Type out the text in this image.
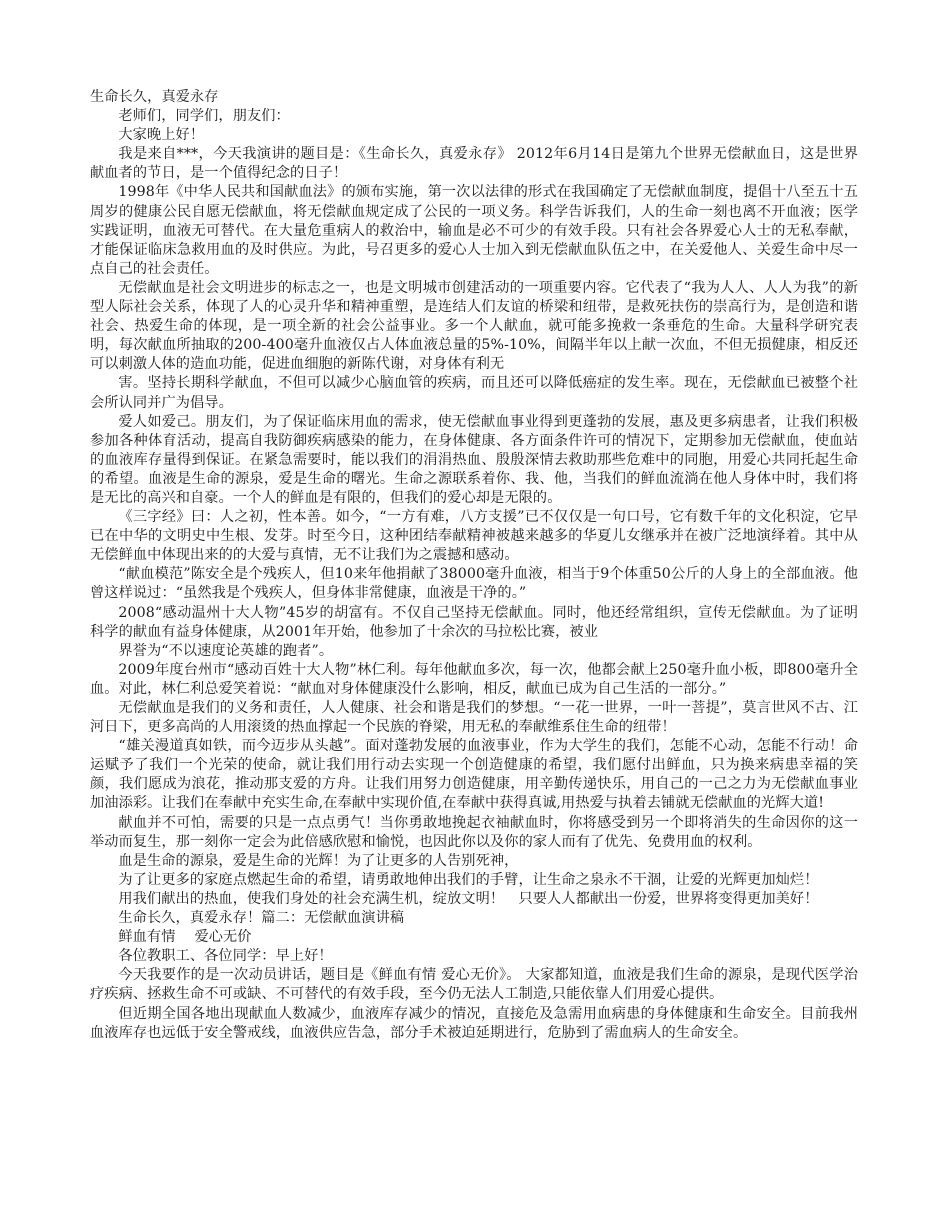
生命长久，真爱永存

老师们，同学们，朋友们：

大家晚上好！

我是来自***，今天我演讲的题目是：《生命长久，真爱永存》 2012年6月14日是第九个世界无偿献血日，这是世界献血者的节日，是一个值得纪念的日子！

1998年《中华人民共和国献血法》的颁布实施，第一次以法律的形式在我国确定了无偿献血制度，提倡十八至五十五周岁的健康公民自愿无偿献血，将无偿献血规定成了公民的一项义务。科学告诉我们，人的生命一刻也离不开血液；医学实践证明，血液无可替代。在大量危重病人的救治中，输血是必不可少的有效手段。只有社会各界爱心人士的无私奉献，才能保证临床急救用血的及时供应。为此，号召更多的爱心人士加入到无偿献血队伍之中，在关爱他人、关爱生命中尽一点自己的社会责任。

无偿献血是社会文明进步的标志之一，也是文明城市创建活动的一项重要内容。它代表了“我为人人、人人为我”的新型人际社会关系，体现了人的心灵升华和精神重塑，是连结人们友谊的桥梁和纽带，是救死扶伤的崇高行为，是创造和谐社会、热爱生命的体现，是一项全新的社会公益事业。多一个人献血，就可能多挽救一条垂危的生命。大量科学研究表明，每次献血所抽取的200-400毫升血液仅占人体血液总量的5%-10%，间隔半年以上献一次血，不但无损健康，相反还可以刺激人体的造血功能，促进血细胞的新陈代谢，对身体有利无

害。坚持长期科学献血，不但可以减少心脑血管的疾病，而且还可以降低癌症的发生率。现在，无偿献血已被整个社会所认同并广为倡导。

爱人如爱己。朋友们，为了保证临床用血的需求，使无偿献血事业得到更蓬勃的发展，惠及更多病患者，让我们积极参加各种体育活动，提高自我防御疾病感染的能力，在身体健康、各方面条件许可的情况下，定期参加无偿献血，使血站的血液库存量得到保证。在紧急需要时，能以我们的涓涓热血、殷殷深情去救助那些危难中的同胞，用爱心共同托起生命的希望。血液是生命的源泉，爱是生命的曙光。生命之源联系着你、我、他，当我们的鲜血流淌在他人身体中时，我们将是无比的高兴和自豪。一个人的鲜血是有限的，但我们的爱心却是无限的。

《三字经》曰：人之初，性本善。如今，“一方有难，八方支援”已不仅仅是一句口号，它有数千年的文化积淀，它早已在中华的文明史中生根、发芽。时至今日，这种团结奉献精神被越来越多的华夏儿女继承并在被广泛地演绎着。其中从无偿鲜血中体现出来的的大爱与真情，无不让我们为之震撼和感动。

“献血模范”陈安全是个残疾人，但10来年他捐献了38000毫升血液，相当于9个体重50公斤的人身上的全部血液。他曾这样说过：“虽然我是个残疾人，但身体非常健康，血液是干净的。”

2008“感动温州十大人物”45岁的胡富有。不仅自己坚持无偿献血。同时，他还经常组织，宣传无偿献血。为了证明科学的献血有益身体健康，从2001年开始，他参加了十余次的马拉松比赛，被业

界誉为“不以速度论英雄的跑者”。

2009年度台州市“感动百姓十大人物”林仁利。每年他献血多次，每一次，他都会献上250毫升血小板，即800毫升全血。对此，林仁利总爱笑着说：“献血对身体健康没什么影响，相反，献血已成为自己生活的一部分。”

无偿献血是我们的义务和责任，人人健康、社会和谐是我们的梦想。“一花一世界，一叶一菩提”，莫言世风不古、江河日下，更多高尚的人用滚烫的热血撑起一个民族的脊梁，用无私的奉献维系住生命的纽带！

“雄关漫道真如铁，而今迈步从头越”。面对蓬勃发展的血液事业，作为大学生的我们，怎能不心动，怎能不行动！命运赋予了我们一个光荣的使命，就让我们用行动去实现一个创造健康的希望，我们愿付出鲜血，只为换来病患幸福的笑颜，我们愿成为浪花，推动那支爱的方舟。让我们用努力创造健康，用辛勤传递快乐，用自己的一己之力为无偿献血事业加油添彩。让我们在奉献中充实生命,在奉献中实现价值,在奉献中获得真诚,用热爱与执着去铺就无偿献血的光辉大道!

献血并不可怕，需要的只是一点点勇气！当你勇敢地挽起衣袖献血时，你将感受到另一个即将消失的生命因你的这一举动而复生，那一刻你一定会为此倍感欣慰和愉悦，也因此你以及你的家人而有了优先、免费用血的权利。

血是生命的源泉，爱是生命的光辉！为了让更多的人告别死神，

为了让更多的家庭点燃起生命的希望，请勇敢地伸出我们的手臂，让生命之泉永不干涸，让爱的光辉更加灿烂！

用我们献出的热血，使我们身处的社会充满生机，绽放文明！　只要人人都献出一份爱，世界将变得更加美好！

生命长久，真爱永存！篇二：无偿献血演讲稿

鲜血有情　 爱心无价

各位教职工、各位同学：早上好！

今天我要作的是一次动员讲话，题目是《鲜血有情 爱心无价》。 大家都知道，血液是我们生命的源泉，是现代医学治疗疾病、拯救生命不可或缺、不可替代的有效手段，至今仍无法人工制造,只能依靠人们用爱心提供。

但近期全国各地出现献血人数减少，血液库存减少的情况，直接危及急需用血病患的身体健康和生命安全。目前我州血液库存也远低于安全警戒线，血液供应告急，部分手术被迫延期进行，危胁到了需血病人的生命安全。
